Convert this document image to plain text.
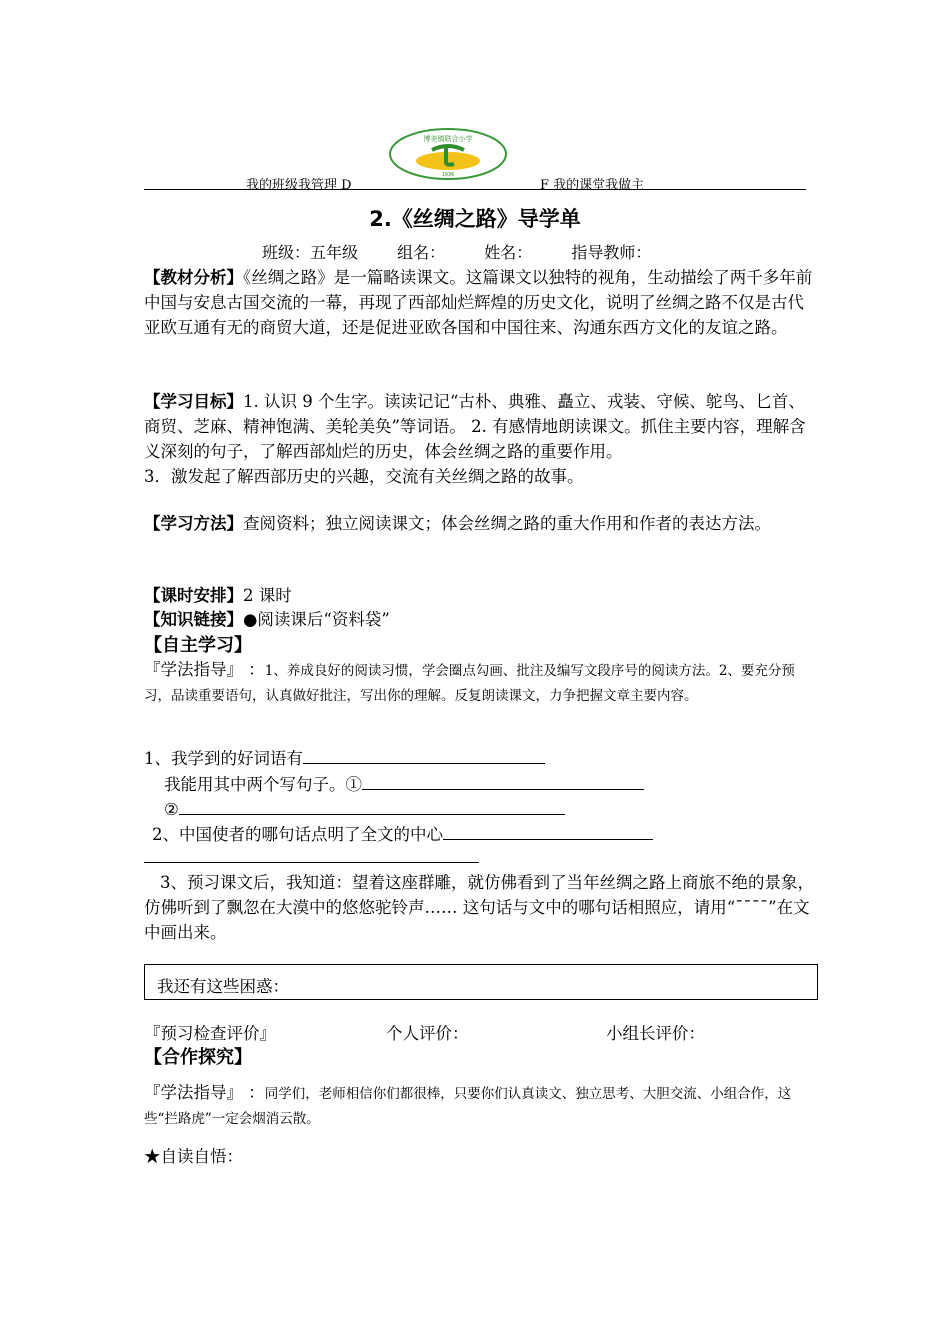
博美镇联合小学
1936
我的班级我管理 D	F 我的课堂我做主
2.《丝绸之路》导学单
班级：五年级 组名： 姓名： 指导教师：
【教材分析】《丝绸之路》是一篇略读课文。这篇课文以独特的视角，生动描绘了两千多年前中国与安息古国交流的一幕，再现了西部灿烂辉煌的历史文化，说明了丝绸之路不仅是古代亚欧互通有无的商贸大道，还是促进亚欧各国和中国往来、沟通东西方文化的友谊之路。
【学习目标】1. 认识 9 个生字。读读记记“古朴、典雅、矗立、戎装、守候、鸵鸟、匕首、商贸、芝麻、精神饱满、美轮美奂”等词语。 2. 有感情地朗读课文。抓住主要内容，理解含义深刻的句子，了解西部灿烂的历史，体会丝绸之路的重要作用。
3．激发起了解西部历史的兴趣，交流有关丝绸之路的故事。
【学习方法】查阅资料；独立阅读课文；体会丝绸之路的重大作用和作者的表达方法。
【课时安排】2 课时
【知识链接】●阅读课后“资料袋”
【自主学习】
『学法指导』 ：1、养成良好的阅读习惯，学会圈点勾画、批注及编写文段序号的阅读方法。2、要充分预习，品读重要语句，认真做好批注，写出你的理解。反复朗读课文，力争把握文章主要内容。
1、我学到的好词语有
我能用其中两个写句子。①
②
2、中国使者的哪句话点明了全文的中心
3、预习课文后，我知道：望着这座群雕，就仿佛看到了当年丝绸之路上商旅不绝的景象，仿佛听到了飘忽在大漠中的悠悠驼铃声…… 这句话与文中的哪句话相照应，请用“ˉˉˉˉ”在文中画出来。
我还有这些困惑：
『预习检查评价』	个人评价：	小组长评价：
【合作探究】
『学法指导』 ：同学们，老师相信你们都很棒，只要你们认真读文、独立思考、大胆交流、小组合作，这些“拦路虎”一定会烟消云散。
★自读自悟：
